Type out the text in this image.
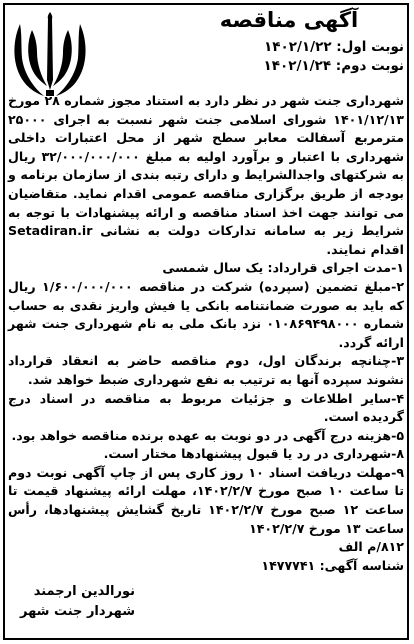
آگهی مناقصه
نوبت اول: ۱۴۰۲/۱/۲۲
نوبت دوم: ۱۴۰۲/۱/۲۴

شهرداری جنت شهر در نظر دارد به استناد مجوز شماره ۲۸ مورخ ۱۴۰۱/۱۲/۱۳ شورای اسلامی جنت شهر نسبت به اجرای ۲۵۰۰۰ مترمربع آسفالت معابر سطح شهر از محل اعتبارات داخلی شهرداری با اعتبار و برآورد اولیه به مبلغ ۳۲/۰۰۰/۰۰۰/۰۰۰ ریال به شرکتهای واجدالشرایط و دارای رتبه بندی از سازمان برنامه و بودجه از طریق برگزاری مناقصه عمومی اقدام نماید. متقاضیان می توانند جهت اخذ اسناد مناقصه و ارائه پیشنهادات با توجه به شرایط زیر به سامانه تدارکات دولت به نشانی Setadiran.ir اقدام نمایند.

۱-مدت اجرای قرارداد: یک سال شمسی

۲-مبلغ تضمین (سپرده) شرکت در مناقصه ۱/۶۰۰/۰۰۰/۰۰۰ ریال که باید به صورت ضمانتنامه بانکی یا فیش واریز نقدی به حساب شماره ۰۱۰۸۶۹۴۹۸۰۰۰ نزد بانک ملی به نام شهرداری جنت شهر ارائه گردد.

۳-چنانچه برندگان اول، دوم مناقصه حاضر به انعقاد قرارداد نشوند سپرده آنها به ترتیب به نفع شهرداری ضبط خواهد شد.

۴-سایر اطلاعات و جزئیات مربوط به مناقصه در اسناد درج گردیده است.

۵-هزینه درج آگهی در دو نوبت به عهده برنده مناقصه خواهد بود.

۸-شهرداری در رد یا قبول پیشنهادها مختار است.

۹-مهلت دریافت اسناد ۱۰ روز کاری پس از چاپ آگهی نوبت دوم تا ساعت ۱۰ صبح مورخ ۱۴۰۲/۲/۷، مهلت ارائه پیشنهاد قیمت تا ساعت ۱۲ صبح مورخ ۱۴۰۲/۲/۷ تاریخ گشایش پیشنهادها، رأس ساعت ۱۳ مورخ ۱۴۰۲/۲/۷

۸۱۲/م الف

شناسه آگهی: ۱۴۷۷۷۴۱

نورالدین ارجمند
شهردار جنت شهر
